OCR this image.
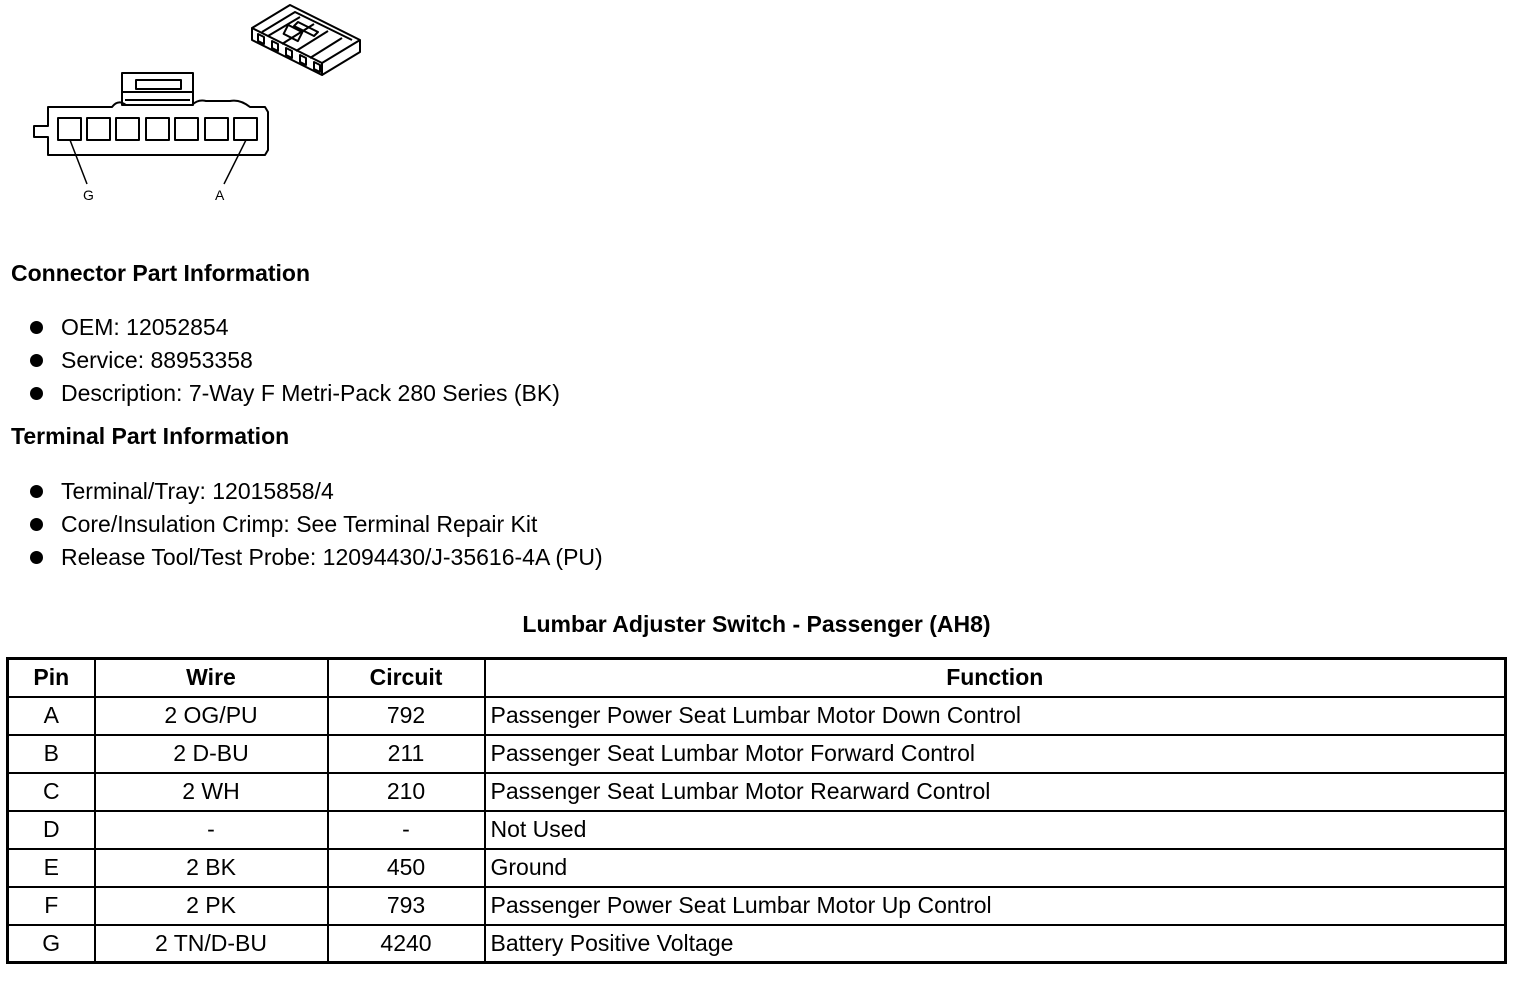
G	A
Connector Part Information
OEM: 12052854
Service: 88953358
Description: 7-Way F Metri-Pack 280 Series (BK)
Terminal Part Information
Terminal/Tray: 12015858/4
Core/Insulation Crimp: See Terminal Repair Kit
Release Tool/Test Probe: 12094430/J-35616-4A (PU)
Lumbar Adjuster Switch - Passenger (AH8)
Pin	Wire	Circuit	Function
A	2 OG/PU	792	Passenger Power Seat Lumbar Motor Down Control
B	2 D-BU	211	Passenger Seat Lumbar Motor Forward Control
C	2 WH	210	Passenger Seat Lumbar Motor Rearward Control
D	-	-	Not Used
E	2 BK	450	Ground
F	2 PK	793	Passenger Power Seat Lumbar Motor Up Control
G	2 TN/D-BU	4240	Battery Positive Voltage
